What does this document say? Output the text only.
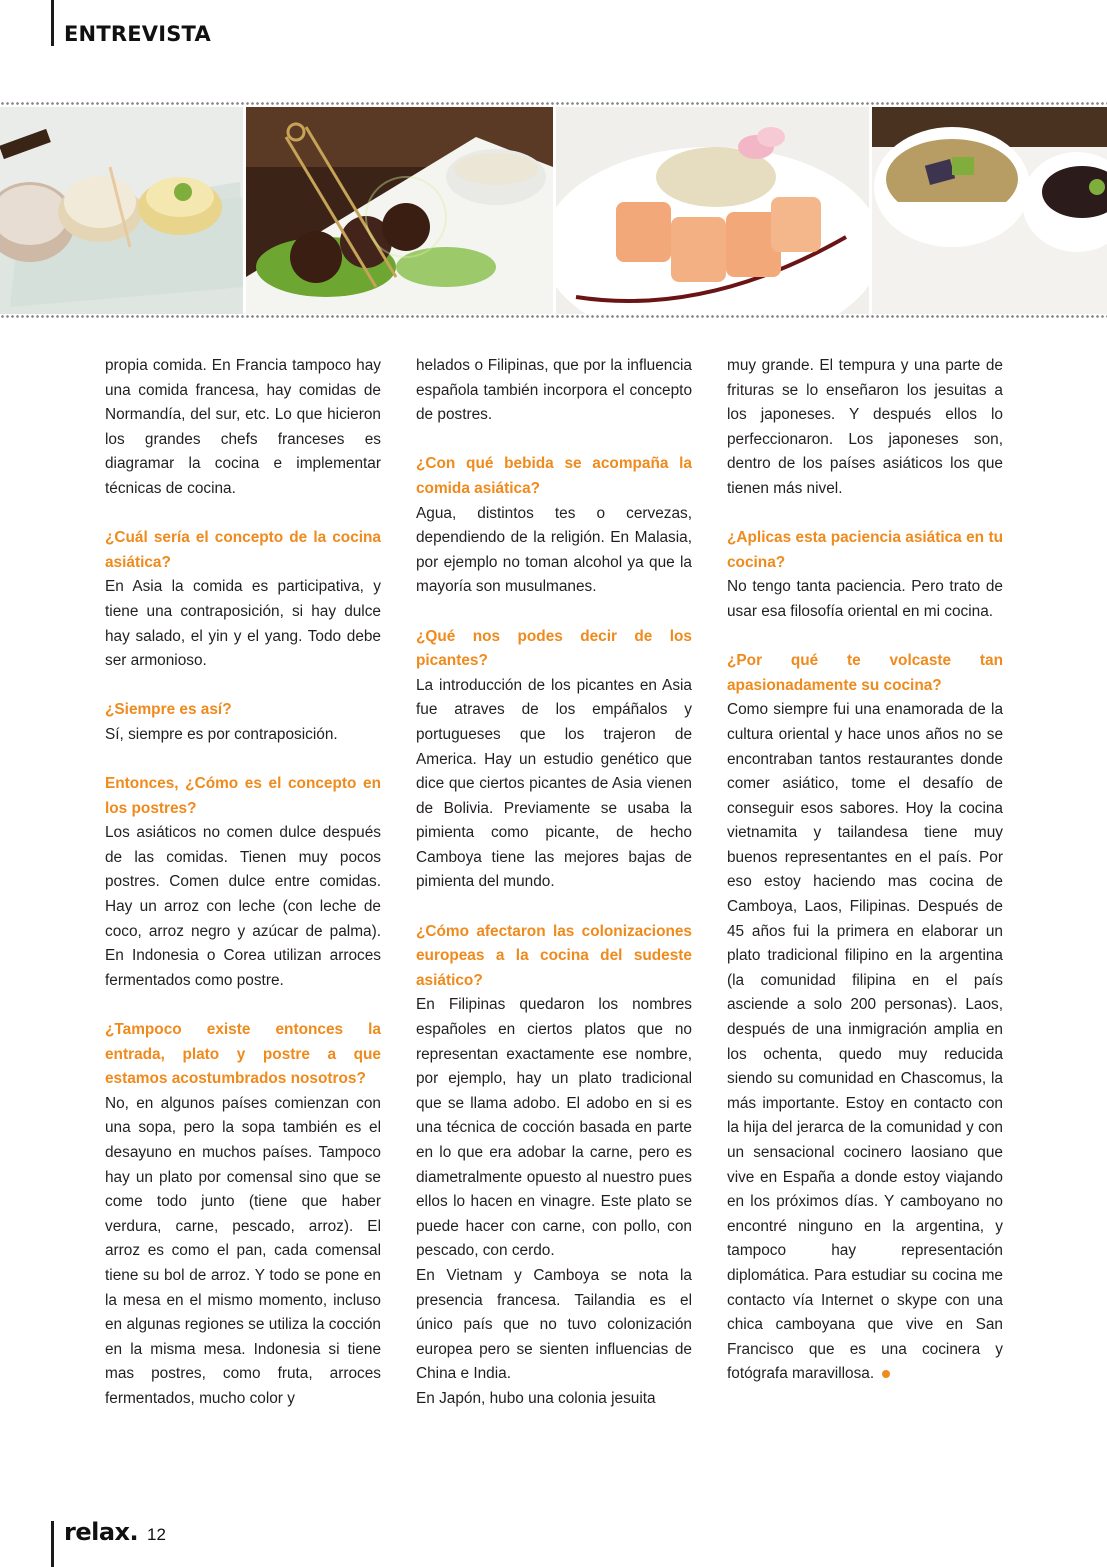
ENTREVISTA

propia comida. En Francia tampoco hay una comida francesa, hay comidas de Normandía, del sur, etc. Lo que hicieron los grandes chefs franceses es diagramar la cocina e implementar técnicas de cocina.

¿Cuál sería el concepto de la cocina asiática?

En Asia la comida es participativa, y tiene una contraposición, si hay dulce hay salado, el yin y el yang. Todo debe ser armonioso.

¿Siempre es así?

Sí, siempre es por contraposición.

Entonces, ¿Cómo es el concepto en los postres?

Los asiáticos no comen dulce después de las comidas. Tienen muy pocos postres. Comen dulce entre comidas. Hay un arroz con leche (con leche de coco, arroz negro y azúcar de palma). En Indonesia o Corea utilizan arroces fermentados como postre.

¿Tampoco existe entonces la entrada, plato y postre a que estamos acostumbrados nosotros?

No, en algunos países comienzan con una sopa, pero la sopa también es el desayuno en muchos países. Tampoco hay un plato por comensal sino que se come todo junto (tiene que haber verdura, carne, pescado, arroz). El arroz es como el pan, cada comensal tiene su bol de arroz. Y todo se pone en la mesa en el mismo momento, incluso en algunas regiones se utiliza la cocción en la misma mesa. Indonesia si tiene mas postres, como fruta, arroces fermentados, mucho color y

helados o Filipinas, que por la influencia española también incorpora el concepto de postres.

¿Con qué bebida se acompaña la comida asiática?

Agua, distintos tes o cervezas, dependiendo de la religión. En Malasia, por ejemplo no toman alcohol ya que la mayoría son musulmanes.

¿Qué nos podes decir de los picantes?

La introducción de los picantes en Asia fue atraves de los empáñalos y portugueses que los trajeron de America. Hay un estudio genético que dice que ciertos picantes de Asia vienen de Bolivia. Previamente se usaba la pimienta como picante, de hecho Camboya tiene las mejores bajas de pimienta del mundo.

¿Cómo afectaron las colonizaciones europeas a la cocina del sudeste asiático?

En Filipinas quedaron los nombres españoles en ciertos platos que no representan exactamente ese nombre, por ejemplo, hay un plato tradicional que se llama adobo. El adobo en si es una técnica de cocción basada en parte en lo que era adobar la carne, pero es diametralmente opuesto al nuestro pues ellos lo hacen en vinagre. Este plato se puede hacer con carne, con pollo, con pescado, con cerdo.

En Vietnam y Camboya se nota la presencia francesa. Tailandia es el único país que no tuvo colonización europea pero se sienten influencias de China e India.

En Japón, hubo una colonia jesuita

muy grande. El tempura y una parte de frituras se lo enseñaron los jesuitas a los japoneses. Y después ellos lo perfeccionaron. Los japoneses son, dentro de los países asiáticos los que tienen más nivel.

¿Aplicas esta paciencia asiática en tu cocina?

No tengo tanta paciencia. Pero trato de usar esa filosofía oriental en mi cocina.

¿Por qué te volcaste tan apasionadamente su cocina?

Como siempre fui una enamorada de la cultura oriental y hace unos años no se encontraban tantos restaurantes donde comer asiático, tome el desafío de conseguir esos sabores. Hoy la cocina vietnamita y tailandesa tiene muy buenos representantes en el país. Por eso estoy haciendo mas cocina de Camboya, Laos, Filipinas. Después de 45 años fui la primera en elaborar un plato tradicional filipino en la argentina (la comunidad filipina en el país asciende a solo 200 personas). Laos, después de una inmigración amplia en los ochenta, quedo muy reducida siendo su comunidad en Chascomus, la más importante. Estoy en contacto con la hija del jerarca de la comunidad y con un sensacional cocinero laosiano que vive en España a donde estoy viajando en los próximos días. Y camboyano no encontré ninguno en la argentina, y tampoco hay representación diplomática. Para estudiar su cocina me contacto vía Internet o skype con una chica camboyana que vive en San Francisco que es una cocinera y fotógrafa maravillosa.

relax. 12
